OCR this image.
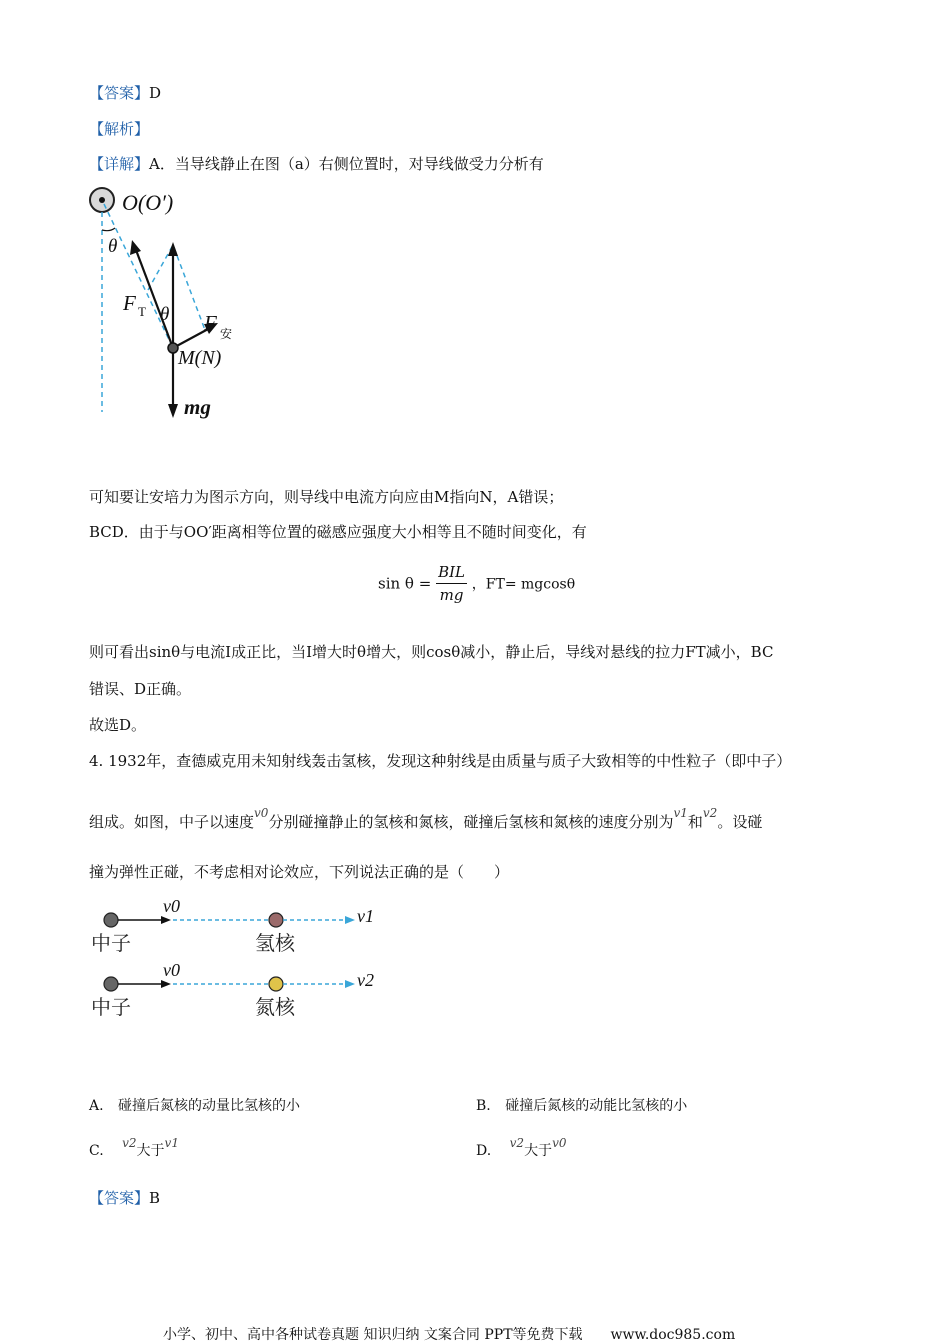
【答案】D
【解析】
【详解】A．当导线静止在图（a）右侧位置时，对导线做受力分析有
O(O′)
θ
θ
F T	F 安
M(N)
mg
可知要让安培力为图示方向，则导线中电流方向应由M指向N，A错误；
BCD．由于与OO′距离相等位置的磁感应强度大小相等且不随时间变化，有
$\sin \theta = \frac{\text{BIL}}{mg}$ ，FT= mgcosθ
则可看出sinθ与电流I成正比，当I增大时θ增大，则cosθ减小，静止后，导线对悬线的拉力FT减小，BC
错误、D正确。
故选D。
4. 1932年，查德威克用未知射线轰击氢核，发现这种射线是由质量与质子大致相等的中性粒子（即中子）
组成。如图，中子以速度$^{v0}$分别碰撞静止的氢核和氮核，碰撞后氢核和氮核的速度分别为$^{v1}$和$^{v2}$。设碰
撞为弹性正碰，不考虑相对论效应，下列说法正确的是（　　）
中子
v0
氢核
v1
中子
v0
氮核
v2
A. 碰撞后氮核的动量比氢核的小	B. 碰撞后氮核的动能比氢核的小
C. v2大于v1	D. v2大于v0
【答案】B
小学、初中、高中各种试卷真题 知识归纳 文案合同 PPT等免费下载　　www.doc985.com
